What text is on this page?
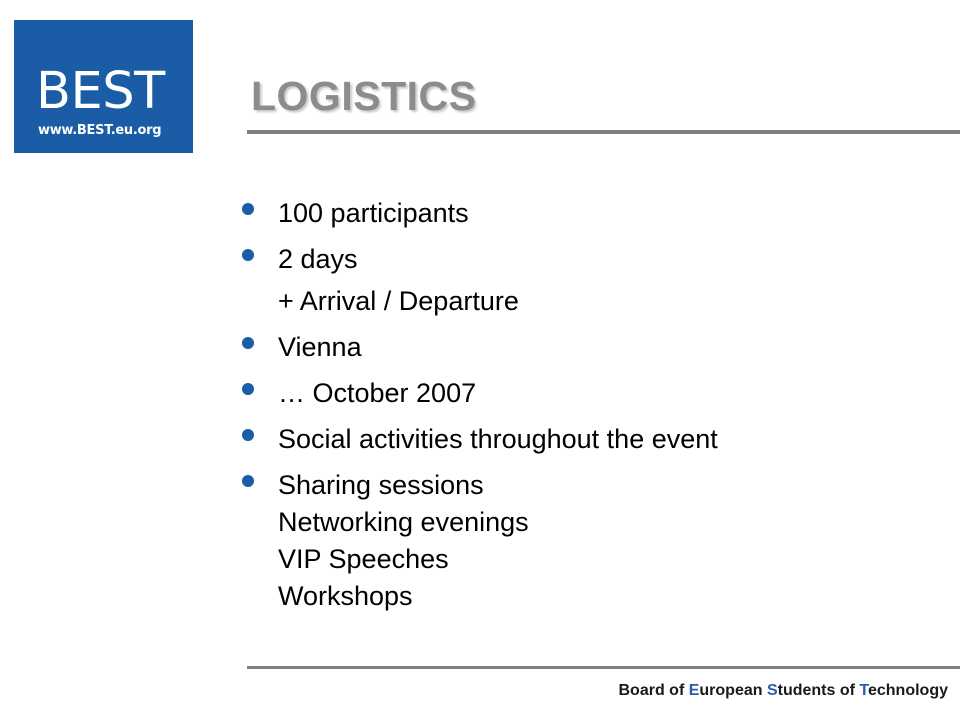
BEST
www.BEST.eu.org
LOGISTICS
100 participants
2 days
+ Arrival / Departure
Vienna
… October 2007
Social activities throughout the event
Sharing sessions
Networking evenings
VIP Speeches
Workshops
Board of European Students of Technology
